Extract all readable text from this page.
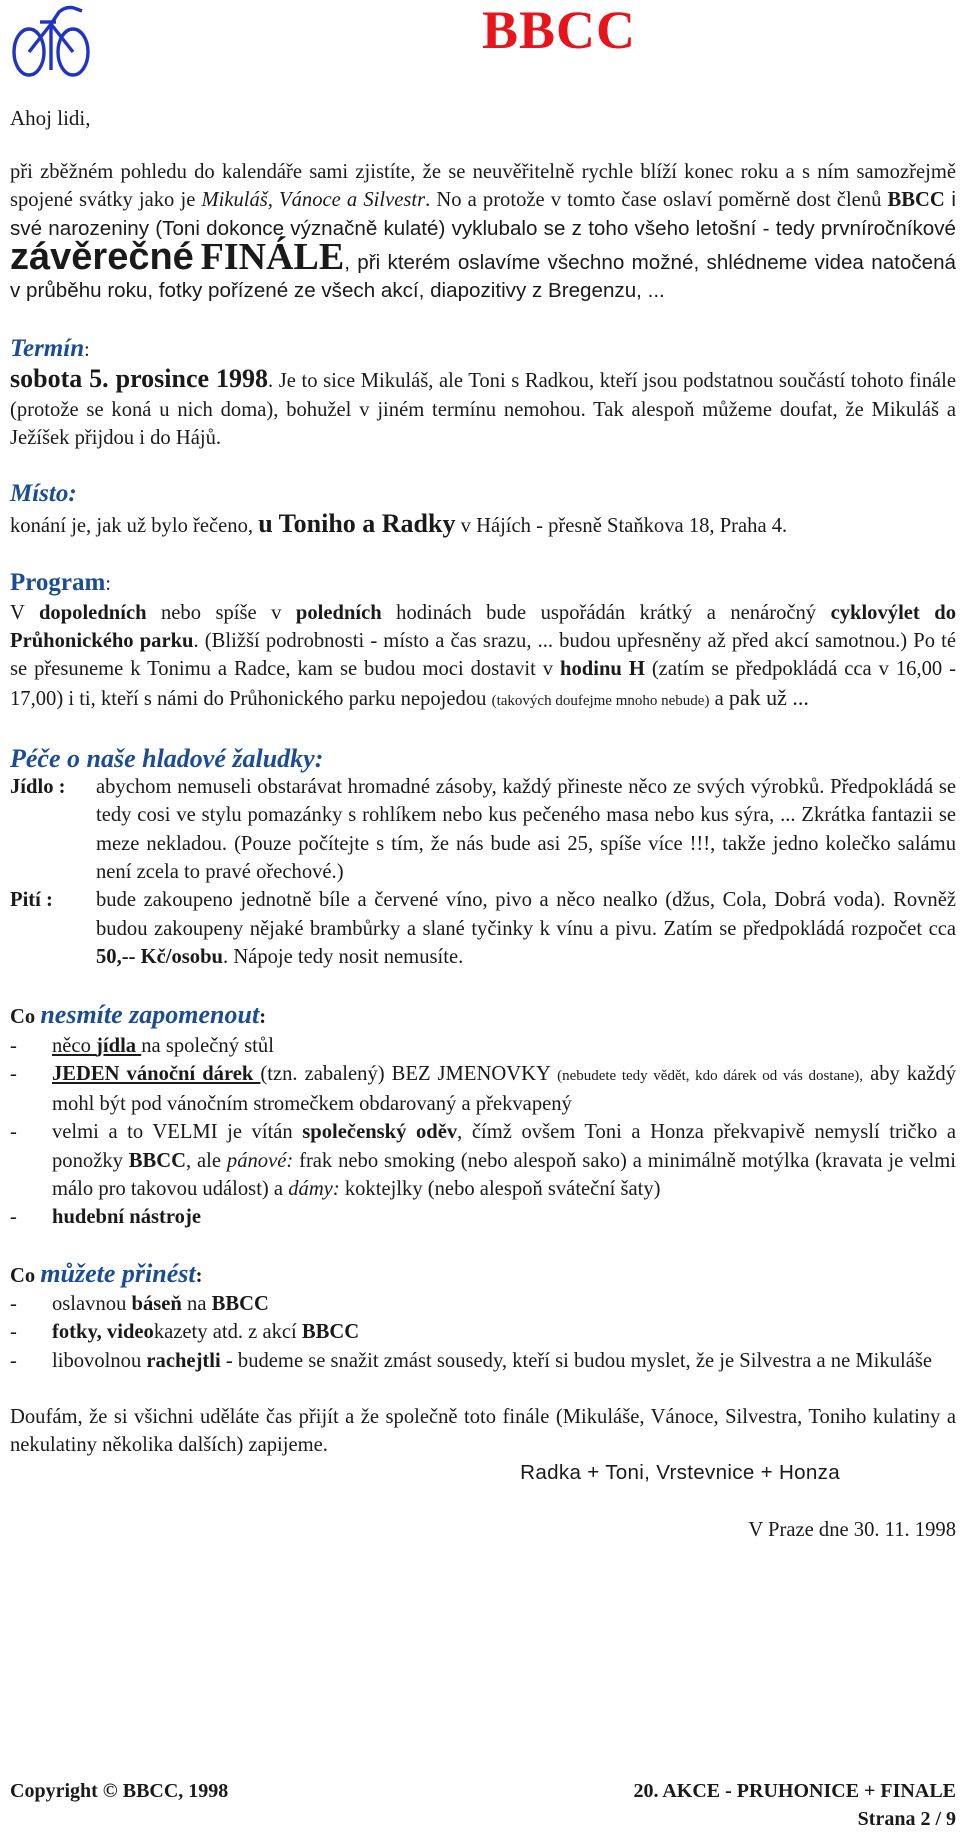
BBCC
Ahoj lidi,

při zběžném pohledu do kalendáře sami zjistíte, že se neuvěřitelně rychle blíží konec roku a s ním samozřejmě spojené svátky jako je Mikuláš, Vánoce a Silvestr. No a protože v tomto čase oslaví poměrně dost členů BBCC i své narozeniny (Toni dokonce význačně kulaté) vyklubalo se z toho všeho letošní - tedy prvníročníkové závěrečné FINÁLE, při kterém oslavíme všechno možné, shlédneme videa natočená v průběhu roku, fotky pořízené ze všech akcí, diapozitivy z Bregenzu, ...

Termín:

sobota 5. prosince 1998. Je to sice Mikuláš, ale Toni s Radkou, kteří jsou podstatnou součástí tohoto finále (protože se koná u nich doma), bohužel v jiném termínu nemohou. Tak alespoň můžeme doufat, že Mikuláš a Ježíšek přijdou i do Hájů.

Místo:

konání je, jak už bylo řečeno, u Toniho a Radky v Hájích - přesně Staňkova 18, Praha 4.

Program:

V dopoledních nebo spíše v poledních hodinách bude uspořádán krátký a nenáročný cyklovýlet do Průhonického parku. (Bližší podrobnosti - místo a čas srazu, ... budou upřesněny až před akcí samotnou.) Po té se přesuneme k Tonimu a Radce, kam se budou moci dostavit v hodinu H (zatím se předpokládá cca v 16,00 - 17,00) i ti, kteří s námi do Průhonického parku nepojedou (takových doufejme mnoho nebude) a pak už ...

Péče o naše hladové žaludky:
Jídlo :	abychom nemuseli obstarávat hromadné zásoby, každý přineste něco ze svých výrobků. Předpokládá se tedy cosi ve stylu pomazánky s rohlíkem nebo kus pečeného masa nebo kus sýra, ... Zkrátka fantazii se meze nekladou. (Pouze počítejte s tím, že nás bude asi 25, spíše více !!!, takže jedno kolečko salámu není zcela to pravé ořechové.)
Pití :	bude zakoupeno jednotně bíle a červené víno, pivo a něco nealko (džus, Cola, Dobrá voda). Rovněž budou zakoupeny nějaké brambůrky a slané tyčinky k vínu a pivu. Zatím se předpokládá rozpočet cca 50,-- Kč/osobu. Nápoje tedy nosit nemusíte.
Co nesmíte zapomenout:
-	něco jídla na společný stůl
-	JEDEN vánoční dárek (tzn. zabalený) BEZ JMENOVKY (nebudete tedy vědět, kdo dárek od vás dostane), aby každý mohl být pod vánočním stromečkem obdarovaný a překvapený
-	velmi a to VELMI je vítán společenský oděv, čímž ovšem Toni a Honza překvapivě nemyslí tričko a ponožky BBCC, ale pánové: frak nebo smoking (nebo alespoň sako) a minimálně motýlka (kravata je velmi málo pro takovou událost) a dámy: koktejlky (nebo alespoň sváteční šaty)
-	hudební nástroje
Co můžete přinést:
-	oslavnou báseň na BBCC
-	fotky, videokazety atd. z akcí BBCC
-	libovolnou rachejtli - budeme se snažit zmást sousedy, kteří si budou myslet, že je Silvestra a ne Mikuláše

Doufám, že si všichni uděláte čas přijít a že společně toto finále (Mikuláše, Vánoce, Silvestra, Toniho kulatiny a nekulatiny několika dalších) zapijeme.

Radka + Toni, Vrstevnice + Honza
V Praze dne 30. 11. 1998
Copyright © BBCC, 1998	20. AKCE - PRUHONICE + FINALE
Strana 2 / 9
